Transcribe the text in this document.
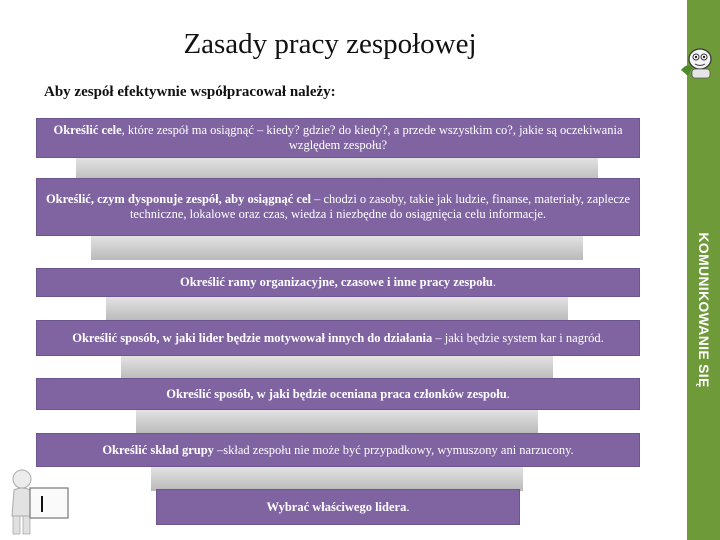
Zasady pracy zespołowej
Aby zespół efektywnie współpracował należy:
Określić cele, które zespół ma osiągnąć – kiedy? gdzie? do kiedy?, a przede wszystkim co?, jakie są oczekiwania względem zespołu?
Określić, czym dysponuje zespół, aby osiągnąć cel – chodzi o zasoby, takie jak ludzie, finanse, materiały, zaplecze techniczne, lokalowe oraz czas, wiedza i niezbędne do osiągnięcia celu informacje.
Określić ramy organizacyjne, czasowe i inne pracy zespołu.
Określić sposób, w jaki lider będzie motywował innych do działania – jaki będzie system kar i nagród.
Określić sposób, w jaki będzie oceniana praca członków zespołu.
Określić skład grupy –skład zespołu nie może być przypadkowy, wymuszony ani narzucony.
Wybrać właściwego lidera.
KOMUNIKOWANIE SIĘ
